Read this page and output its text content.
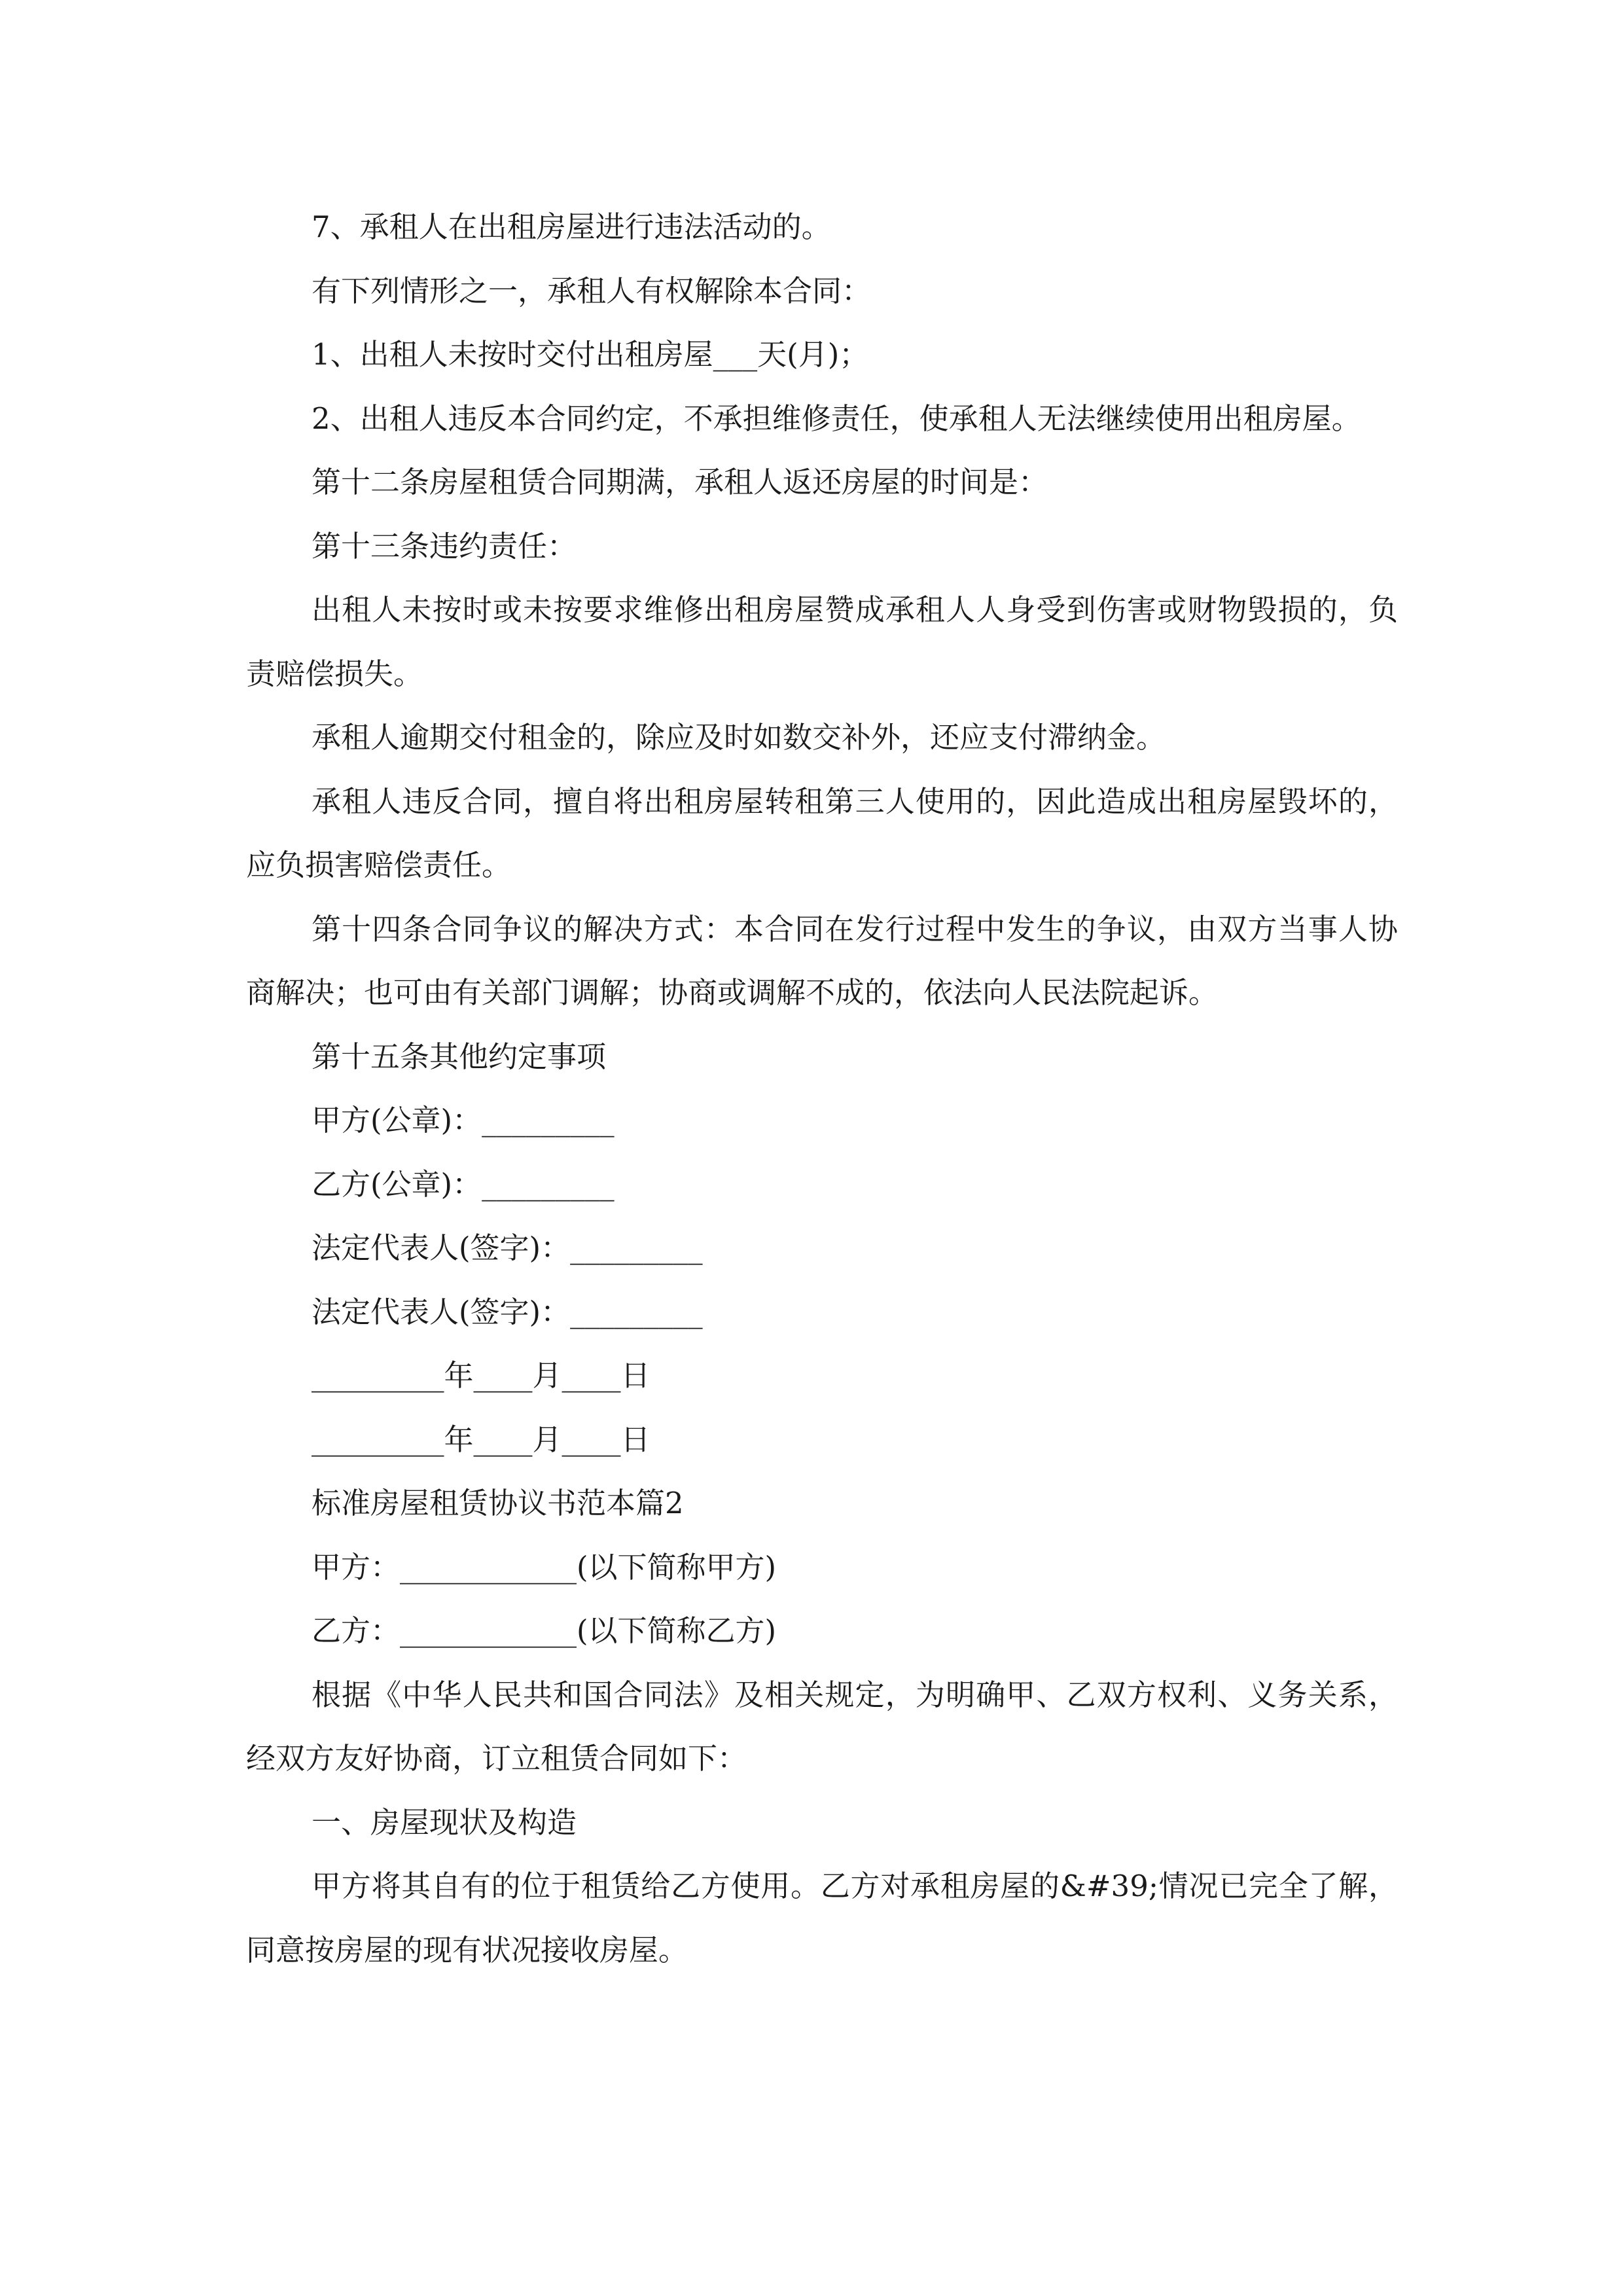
7、承租人在出租房屋进行违法活动的。

有下列情形之一，承租人有权解除本合同：

1、出租人未按时交付出租房屋___天(月)；

2、出租人违反本合同约定，不承担维修责任，使承租人无法继续使用出租房屋。

第十二条房屋租赁合同期满，承租人返还房屋的时间是：

第十三条违约责任：

出租人未按时或未按要求维修出租房屋赞成承租人人身受到伤害或财物毁损的，负责赔偿损失。

承租人逾期交付租金的，除应及时如数交补外，还应支付滞纳金。

承租人违反合同，擅自将出租房屋转租第三人使用的，因此造成出租房屋毁坏的，应负损害赔偿责任。

第十四条合同争议的解决方式：本合同在发行过程中发生的争议，由双方当事人协商解决；也可由有关部门调解；协商或调解不成的，依法向人民法院起诉。

第十五条其他约定事项

甲方(公章)：_________

乙方(公章)：_________

法定代表人(签字)：_________

法定代表人(签字)：_________

_________年____月____日

_________年____月____日

标准房屋租赁协议书范本篇2

甲方：____________(以下简称甲方)

乙方：____________(以下简称乙方)

根据《中华人民共和国合同法》及相关规定，为明确甲、乙双方权利、义务关系，经双方友好协商，订立租赁合同如下：

一、房屋现状及构造

甲方将其自有的位于租赁给乙方使用。乙方对承租房屋的&#39;情况已完全了解，同意按房屋的现有状况接收房屋。
